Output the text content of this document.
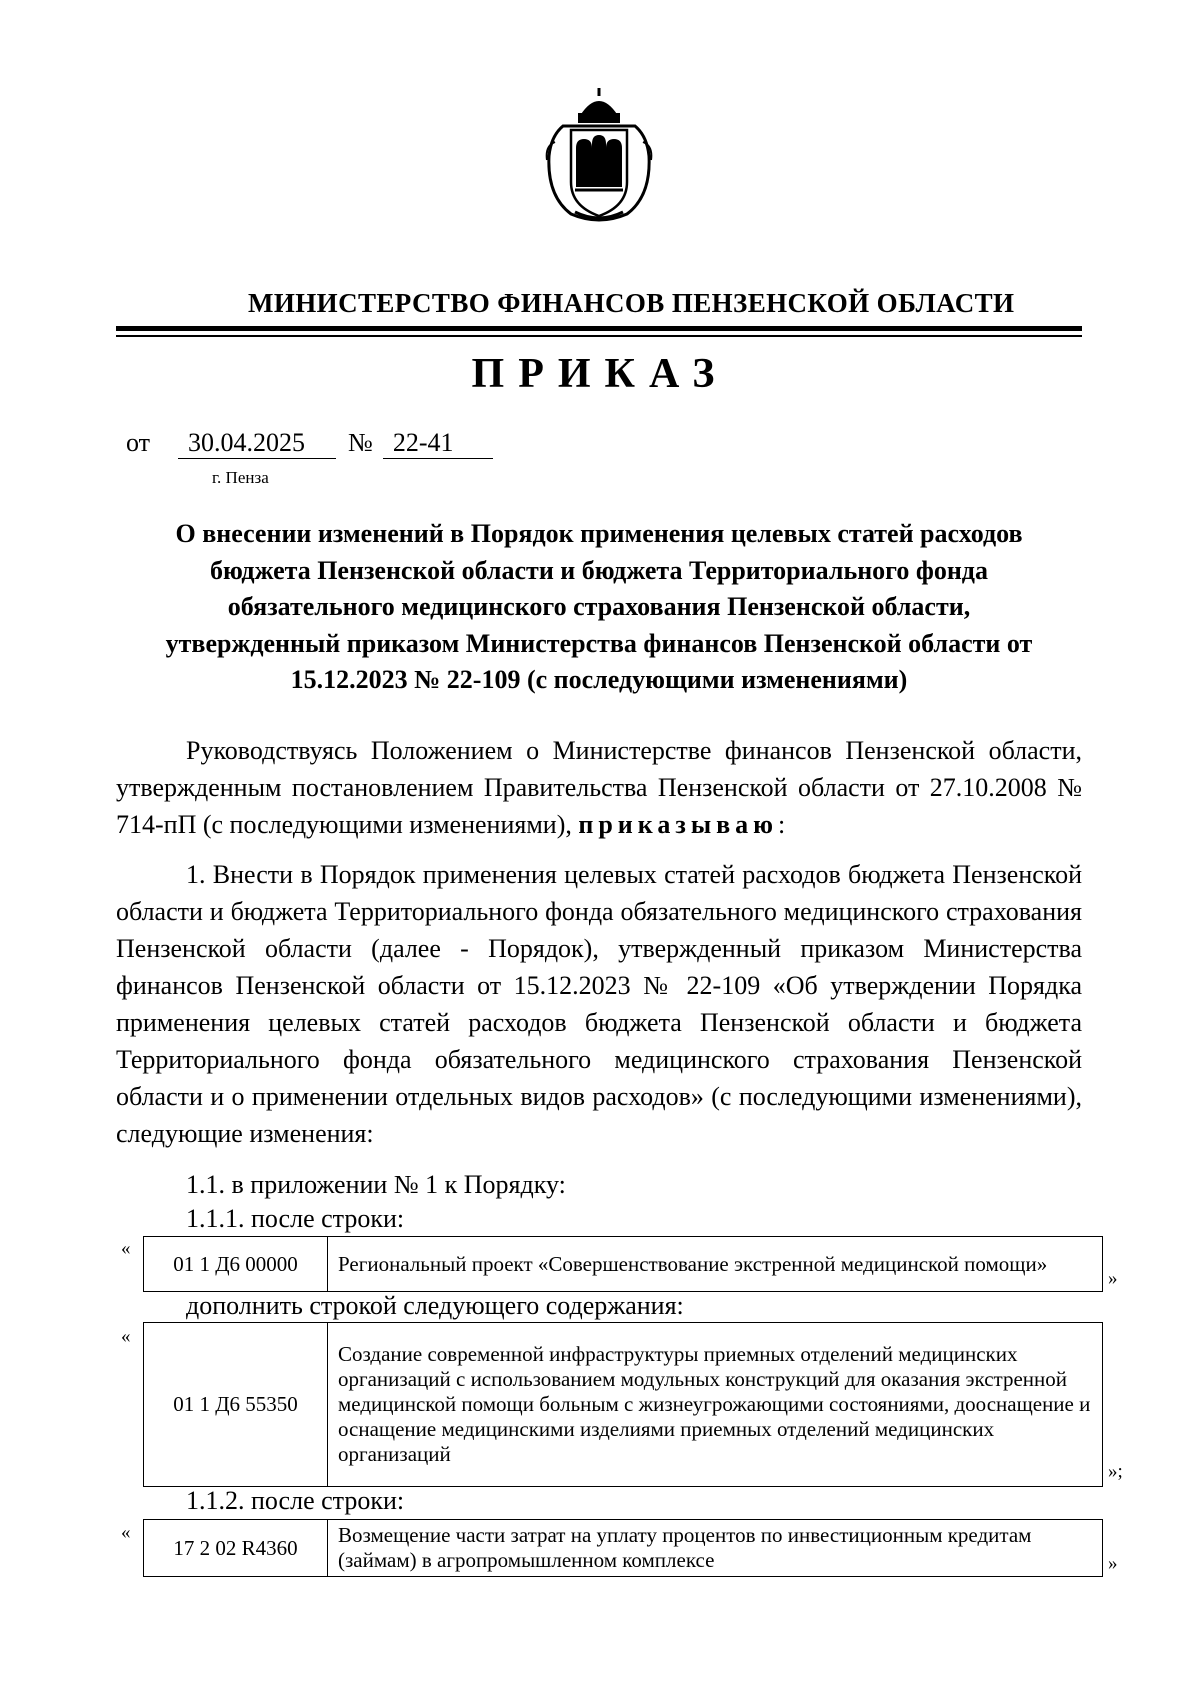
МИНИСТЕРСТВО ФИНАНСОВ ПЕНЗЕНСКОЙ ОБЛАСТИ
ПРИКАЗ
от 30.04.2025 № 22-41
г. Пенза
О внесении изменений в Порядок применения целевых статей расходов
бюджета Пензенской области и бюджета Территориального фонда
обязательного медицинского страхования Пензенской области,
утвержденный приказом Министерства финансов Пензенской области от
15.12.2023 № 22-109 (с последующими изменениями)

Руководствуясь Положением о Министерстве финансов Пензенской области, утвержденным постановлением Правительства Пензенской области от 27.10.2008 № 714-пП (с последующими изменениями), приказываю:

1. Внести в Порядок применения целевых статей расходов бюджета Пензенской области и бюджета Территориального фонда обязательного медицинского страхования Пензенской области (далее - Порядок), утвержденный приказом Министерства финансов Пензенской области от 15.12.2023 № 22-109 «Об утверждении Порядка применения целевых статей расходов бюджета Пензенской области и бюджета Территориального фонда обязательного медицинского страхования Пензенской области и о применении отдельных видов расходов» (с последующими изменениями), следующие изменения:

1.1. в приложении № 1 к Порядку:
1.1.1. после строки:
«
01 1 Д6 00000	Региональный проект «Совершенствование экстренной медицинской помощи»
»
дополнить строкой следующего содержания:
«
01 1 Д6 55350	Создание современной инфраструктуры приемных отделений медицинских организаций с использованием модульных конструкций для оказания экстренной медицинской помощи больным с жизнеугрожающими состояниями, дооснащение и оснащение медицинскими изделиями приемных отделений медицинских организаций
»;
1.1.2. после строки:
«
17 2 02 R4360	Возмещение части затрат на уплату процентов по инвестиционным кредитам (займам) в агропромышленном комплексе	»
